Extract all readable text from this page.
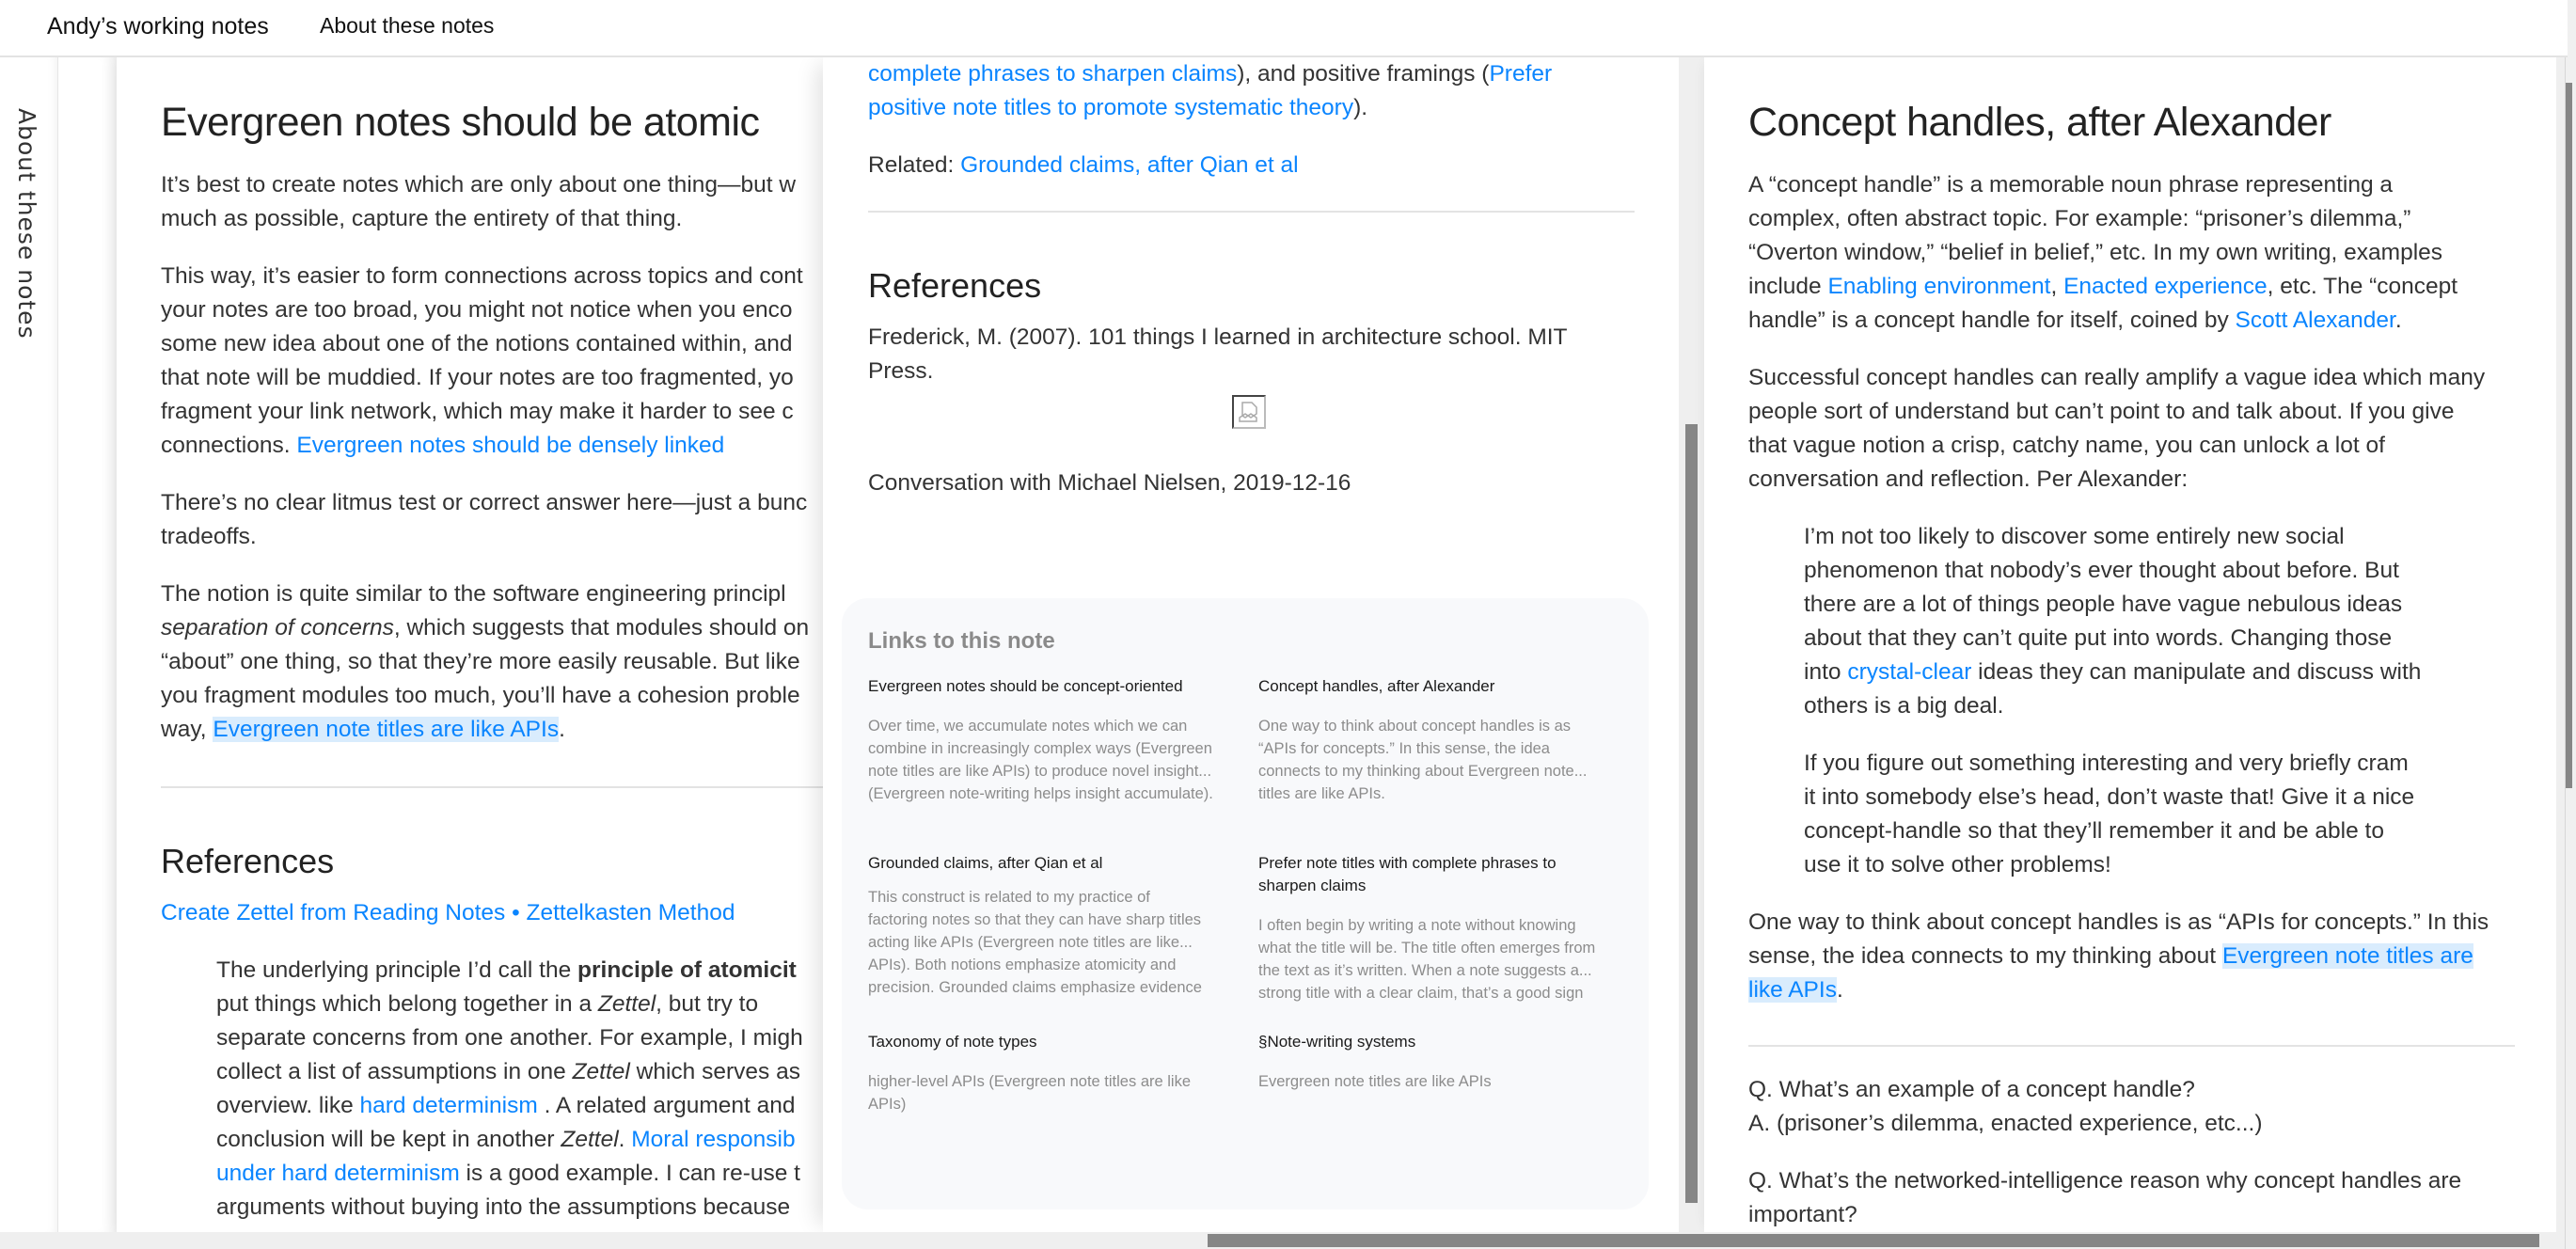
Andy’s working notes About these notes
About these notes	Evergreen notes should be atomic

It’s best to create notes which are only about one thing—but w
much as possible, capture the entirety of that thing.

This way, it’s easier to form connections across topics and cont
your notes are too broad, you might not notice when you enco
some new idea about one of the notions contained within, and
that note will be muddied. If your notes are too fragmented, yo
fragment your link network, which may make it harder to see c
connections. Evergreen notes should be densely linked

There’s no clear litmus test or correct answer here—just a bunc
tradeoffs.

The notion is quite similar to the software engineering principl
separation of concerns, which suggests that modules should on
“about” one thing, so that they’re more easily reusable. But like
you fragment modules too much, you’ll have a cohesion proble
way, Evergreen note titles are like APIs.

References

Create Zettel from Reading Notes • Zettelkasten Method

The underlying principle I’d call the principle of atomicit
put things which belong together in a Zettel, but try to
separate concerns from one another. For example, I migh
collect a list of assumptions in one Zettel which serves as
overview. like hard determinism . A related argument and
conclusion will be kept in another Zettel. Moral responsib
under hard determinism is a good example. I can re-use t
arguments without buying into the assumptions because

complete phrases to sharpen claims), and positive framings (Prefer
positive note titles to promote systematic theory).

Related: Grounded claims, after Qian et al

References

Frederick, M. (2007). 101 things I learned in architecture school. MIT
Press.

Conversation with Michael Nielsen, 2019-12-16

Links to this note
Evergreen notes should be concept-oriented
Over time, we accumulate notes which we can
combine in increasingly complex ways (Evergreen
note titles are like APIs) to produce novel insight...
(Evergreen note-writing helps insight accumulate).
Concept handles, after Alexander
One way to think about concept handles is as
“APIs for concepts.” In this sense, the idea
connects to my thinking about Evergreen note...
titles are like APIs.
Grounded claims, after Qian et al
This construct is related to my practice of
factoring notes so that they can have sharp titles
acting like APIs (Evergreen note titles are like...
APIs). Both notions emphasize atomicity and
precision. Grounded claims emphasize evidence
Prefer note titles with complete phrases to sharpen claims
I often begin by writing a note without knowing
what the title will be. The title often emerges from
the text as it’s written. When a note suggests a...
strong title with a clear claim, that’s a good sign
Taxonomy of note types
higher-level APIs (Evergreen note titles are like
APIs)
§Note-writing systems
Evergreen note titles are like APIs
Concept handles, after Alexander

A “concept handle” is a memorable noun phrase representing a
complex, often abstract topic. For example: “prisoner’s dilemma,”
“Overton window,” “belief in belief,” etc. In my own writing, examples
include Enabling environment, Enacted experience, etc. The “concept
handle” is a concept handle for itself, coined by Scott Alexander.

Successful concept handles can really amplify a vague idea which many
people sort of understand but can’t point to and talk about. If you give
that vague notion a crisp, catchy name, you can unlock a lot of
conversation and reflection. Per Alexander:

I’m not too likely to discover some entirely new social
phenomenon that nobody’s ever thought about before. But
there are a lot of things people have vague nebulous ideas
about that they can’t quite put into words. Changing those
into crystal-clear ideas they can manipulate and discuss with
others is a big deal.

If you figure out something interesting and very briefly cram
it into somebody else’s head, don’t waste that! Give it a nice
concept-handle so that they’ll remember it and be able to
use it to solve other problems!

One way to think about concept handles is as “APIs for concepts.” In this
sense, the idea connects to my thinking about Evergreen note titles are
like APIs.

Q. What’s an example of a concept handle?
A. (prisoner’s dilemma, enacted experience, etc...)

Q. What’s the networked-intelligence reason why concept handles are
important?
